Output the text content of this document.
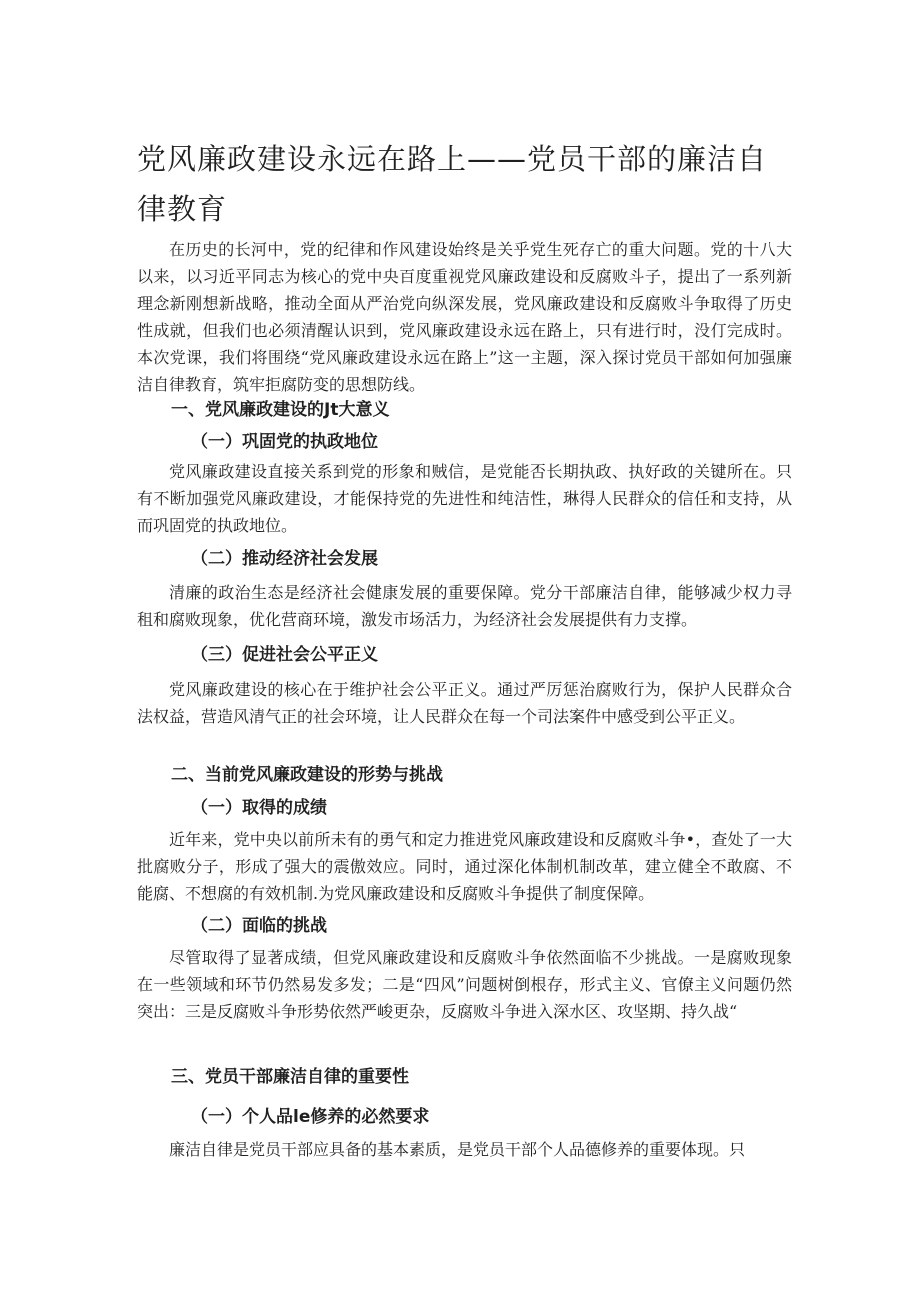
党风廉政建设永远在路上——党员干部的廉洁自律教育

在历史的长河中，党的纪律和作风建设始终是关乎党生死存亡的重大问题。党的十八大以来，以习近平同志为核心的党中央百度重视党风廉政建设和反腐败斗子，提出了一系列新理念新刚想新战略，推动全面从严治党向纵深发展，党风廉政建设和反腐败斗争取得了历史性成就，但我们也必须清醒认识到，党风廉政建设永远在路上，只有进行时，没仃完成时。本次党课，我们将围绕“党风廉政建设永远在路上”这一主题，深入探讨党员干部如何加强廉洁自律教育，筑牢拒腐防变的思想防线。

一、党风廉政建设的Jt大意义
（一）巩固党的执政地位

党风廉政建设直接关系到党的形象和贼信，是党能否长期执政、执好政的关键所在。只有不断加强党风廉政建设，才能保持党的先进性和纯洁性，琳得人民群众的信任和支持，从而巩固党的执政地位。

（二）推动经济社会发展

清廉的政治生态是经济社会健康发展的重要保障。党分干部廉洁自律，能够减少权力寻租和腐败现象，优化营商环境，激发市场活力，为经济社会发展提供有力支撑。

（三）促进社会公平正义

党风廉政建设的核心在于维护社会公平正义。通过严厉惩治腐败行为，保护人民群众合法权益，营造风清气正的社会环境，让人民群众在每一个司法案件中感受到公平正义。

二、当前党风廉政建设的形势与挑战
（一）取得的成绩

近年来，党中央以前所未有的勇气和定力推进党风廉政建设和反腐败斗争•，查处了一大批腐败分子，形成了强大的震傲效应。同时，通过深化体制机制改革，建立健全不敢腐、不能腐、不想腐的有效机制.为党风廉政建设和反腐败斗争提供了制度保障。

（二）面临的挑战

尽管取得了显著成绩，但党风廉政建设和反腐败斗争依然面临不少挑战。一是腐败现象在一些领域和环节仍然易发多发；二是“四风”问题树倒根存，形式主义、官僚主义问题仍然突出：三是反腐败斗争形势依然严峻更杂，反腐败斗争进入深水区、攻坚期、持久战“

三、党员干部廉洁自律的重要性
（一）个人品le修养的必然要求

廉洁自律是党员干部应具备的基本素质，是党员干部个人品德修养的重要体现。只
